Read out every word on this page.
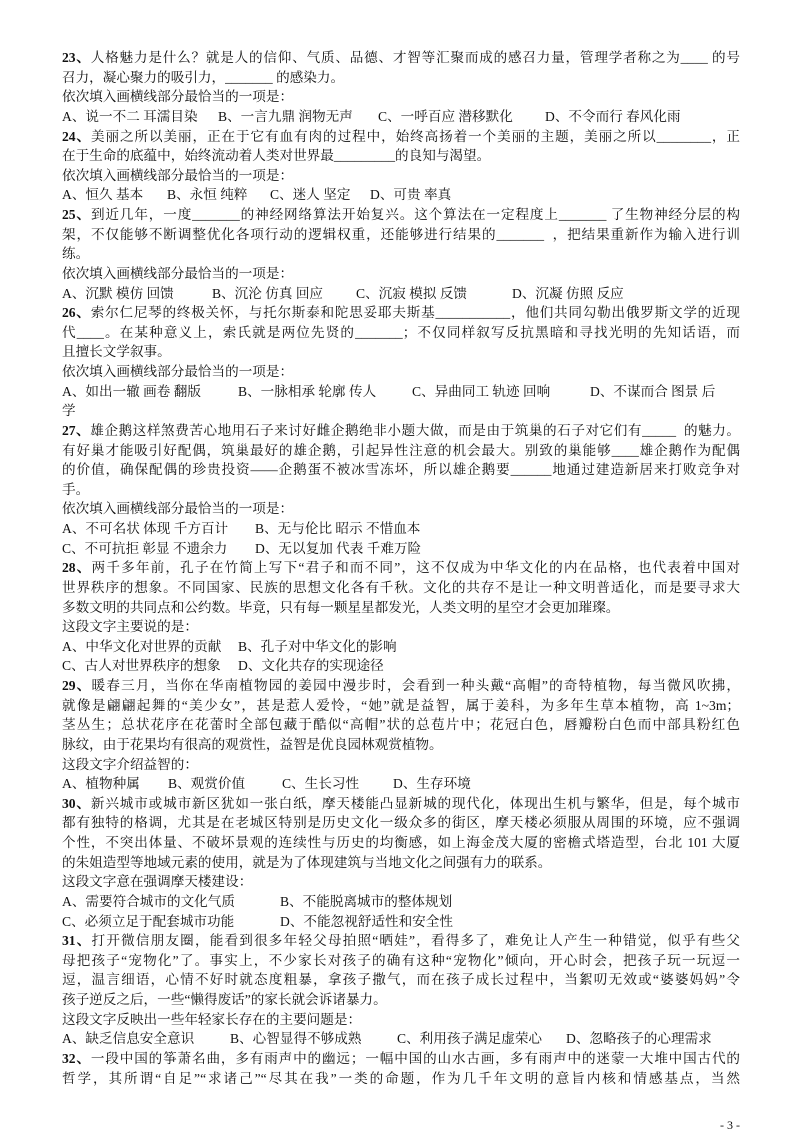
23、人格魅力是什么？就是人的信仰、气质、品德、才智等汇聚而成的感召力量，管理学者称之为____ 的号
召力，凝心聚力的吸引力，_______ 的感染力。
依次填入画横线部分最恰当的一项是：

A、说一不二 耳濡目染

B、一言九鼎 润物无声

C、一呼百应 潜移默化

D、不令而行 春风化雨

24、美丽之所以美丽，正在于它有血有肉的过程中，始终高扬着一个美丽的主题，美丽之所以________，正
在于生命的底蕴中，始终流动着人类对世界最_________的良知与渴望。
依次填入画横线部分最恰当的一项是：

A、恒久 基本

B、永恒 纯粹

C、迷人 坚定

D、可贵 率真

25、到近几年，一度_______的神经网络算法开始复兴。这个算法在一定程度上_______ 了生物神经分层的构
架，不仅能够不断调整优化各项行动的逻辑权重，还能够进行结果的_______  ，把结果重新作为输入进行训
练。
依次填入画横线部分最恰当的一项是：

A、沉默 模仿 回馈

	B、沉沦 仿真 回应

C、沉寂 模拟 反馈

	D、沉凝 仿照 反应

26、索尔仁尼琴的终极关怀，与托尔斯泰和陀思妥耶夫斯基___________，他们共同勾勒出俄罗斯文学的近现
代____。在某种意义上，索氏就是两位先贤的_______；不仅同样叙写反抗黑暗和寻找光明的先知话语，而
且擅长文学叙事。
依次填入画横线部分最恰当的一项是：

A、如出一辙 画卷 翻版

	B、一脉相承 轮廓 传人

	C、异曲同工 轨迹 回响

	D、不谋而合 图景 后

学
27、雄企鹅这样煞费苦心地用石子来讨好雌企鹅绝非小题大做，而是由于筑巢的石子对它们有_____  的魅力。
有好巢才能吸引好配偶，筑巢最好的雄企鹅，引起异性注意的机会最大。别致的巢能够____雄企鹅作为配偶
的价值，确保配偶的珍贵投资——企鹅蛋不被冰雪冻坏，所以雄企鹅要______地通过建造新居来打败竞争对
手。
依次填入画横线部分最恰当的一项是：

A、不可名状 体现 千方百计

B、无与伦比 昭示 不惜血本

C、不可抗拒 彰显 不遗余力

D、无以复加 代表 千难万险

28、两千多年前，孔子在竹简上写下“君子和而不同”，这不仅成为中华文化的内在品格，也代表着中国对
世界秩序的想象。不同国家、民族的思想文化各有千秋。文化的共存不是让一种文明普适化，而是要寻求大
多数文明的共同点和公约数。毕竟，只有每一颗星星都发光，人类文明的星空才会更加璀璨。
这段文字主要说的是：

A、中华文化对世界的贡献

B、孔子对中华文化的影响

C、古人对世界秩序的想象

D、文化共存的实现途径

29、暖春三月，当你在华南植物园的姜园中漫步时，会看到一种头戴“高帽”的奇特植物，每当微风吹拂，
就像是翩翩起舞的“美少女”，甚是惹人爱怜，“她”就是益智，属于姜科，为多年生草本植物，高 1~3m；
茎丛生；总状花序在花蕾时全部包藏于酷似“高帽”状的总苞片中；花冠白色，唇瓣粉白色而中部具粉红色
脉纹，由于花果均有很高的观赏性，益智是优良园林观赏植物。
这段文字介绍益智的：

A、植物种属

B、观赏价值

	C、生长习性

D、生存环境

30、新兴城市或城市新区犹如一张白纸，摩天楼能凸显新城的现代化，体现出生机与繁华，但是，每个城市
都有独特的格调，尤其是在老城区特别是历史文化一级众多的街区，摩天楼必须服从周围的环境，应不强调
个性，不突出体量、不破坏景观的连续性与历史的均衡感，如上海金茂大厦的密檐式塔造型，台北 101 大厦
的朱姐造型等地域元素的使用，就是为了体现建筑与当地文化之间强有力的联系。
这段文字意在强调摩天楼建设：

A、需要符合城市的文化气质

	B、不能脱离城市的整体规划

C、必须立足于配套城市功能

	D、不能忽视舒适性和安全性

31、打开微信朋友圈，能看到很多年轻父母拍照“晒娃”，看得多了，难免让人产生一种错觉，似乎有些父
母把孩子“宠物化”了。事实上，不少家长对孩子的确有这种“宠物化”倾向，开心时会，把孩子玩一玩逗一
逗，温言细语，心情不好时就态度粗暴，拿孩子撒气，而在孩子成长过程中，当絮叨无效或“婆婆妈妈”令
孩子逆反之后，一些“懒得废话”的家长就会诉诸暴力。
这段文字反映出一些年轻家长存在的主要问题是：

A、缺乏信息安全意识

	B、心智显得不够成熟

	C、利用孩子满足虚荣心

D、忽略孩子的心理需求

32、一段中国的筝萧名曲，多有雨声中的幽远；一幅中国的山水古画，多有雨声中的迷蒙一大堆中国古代的
哲学，其所谓“自足”“求诸己”“尽其在我”一类的命题，作为几千年文明的意旨内核和情感基点，当然
- 3 -
